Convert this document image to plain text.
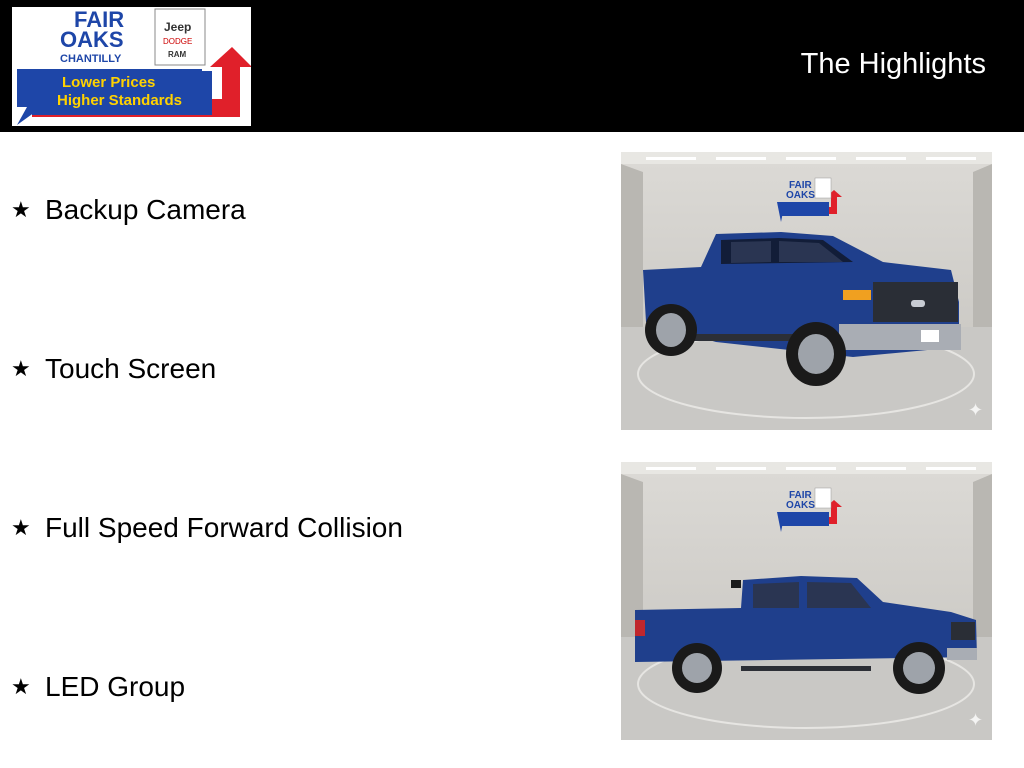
Lower Prices
Higher Standards
FAIR
OAKS
CHANTILLY
Jeep
DODGE
RAM	The Highlights
★ Backup Camera
★ Touch Screen
★ Full Speed Forward Collision
★ LED Group
FAIR
OAKS
✦
FAIR
OAKS
✦
